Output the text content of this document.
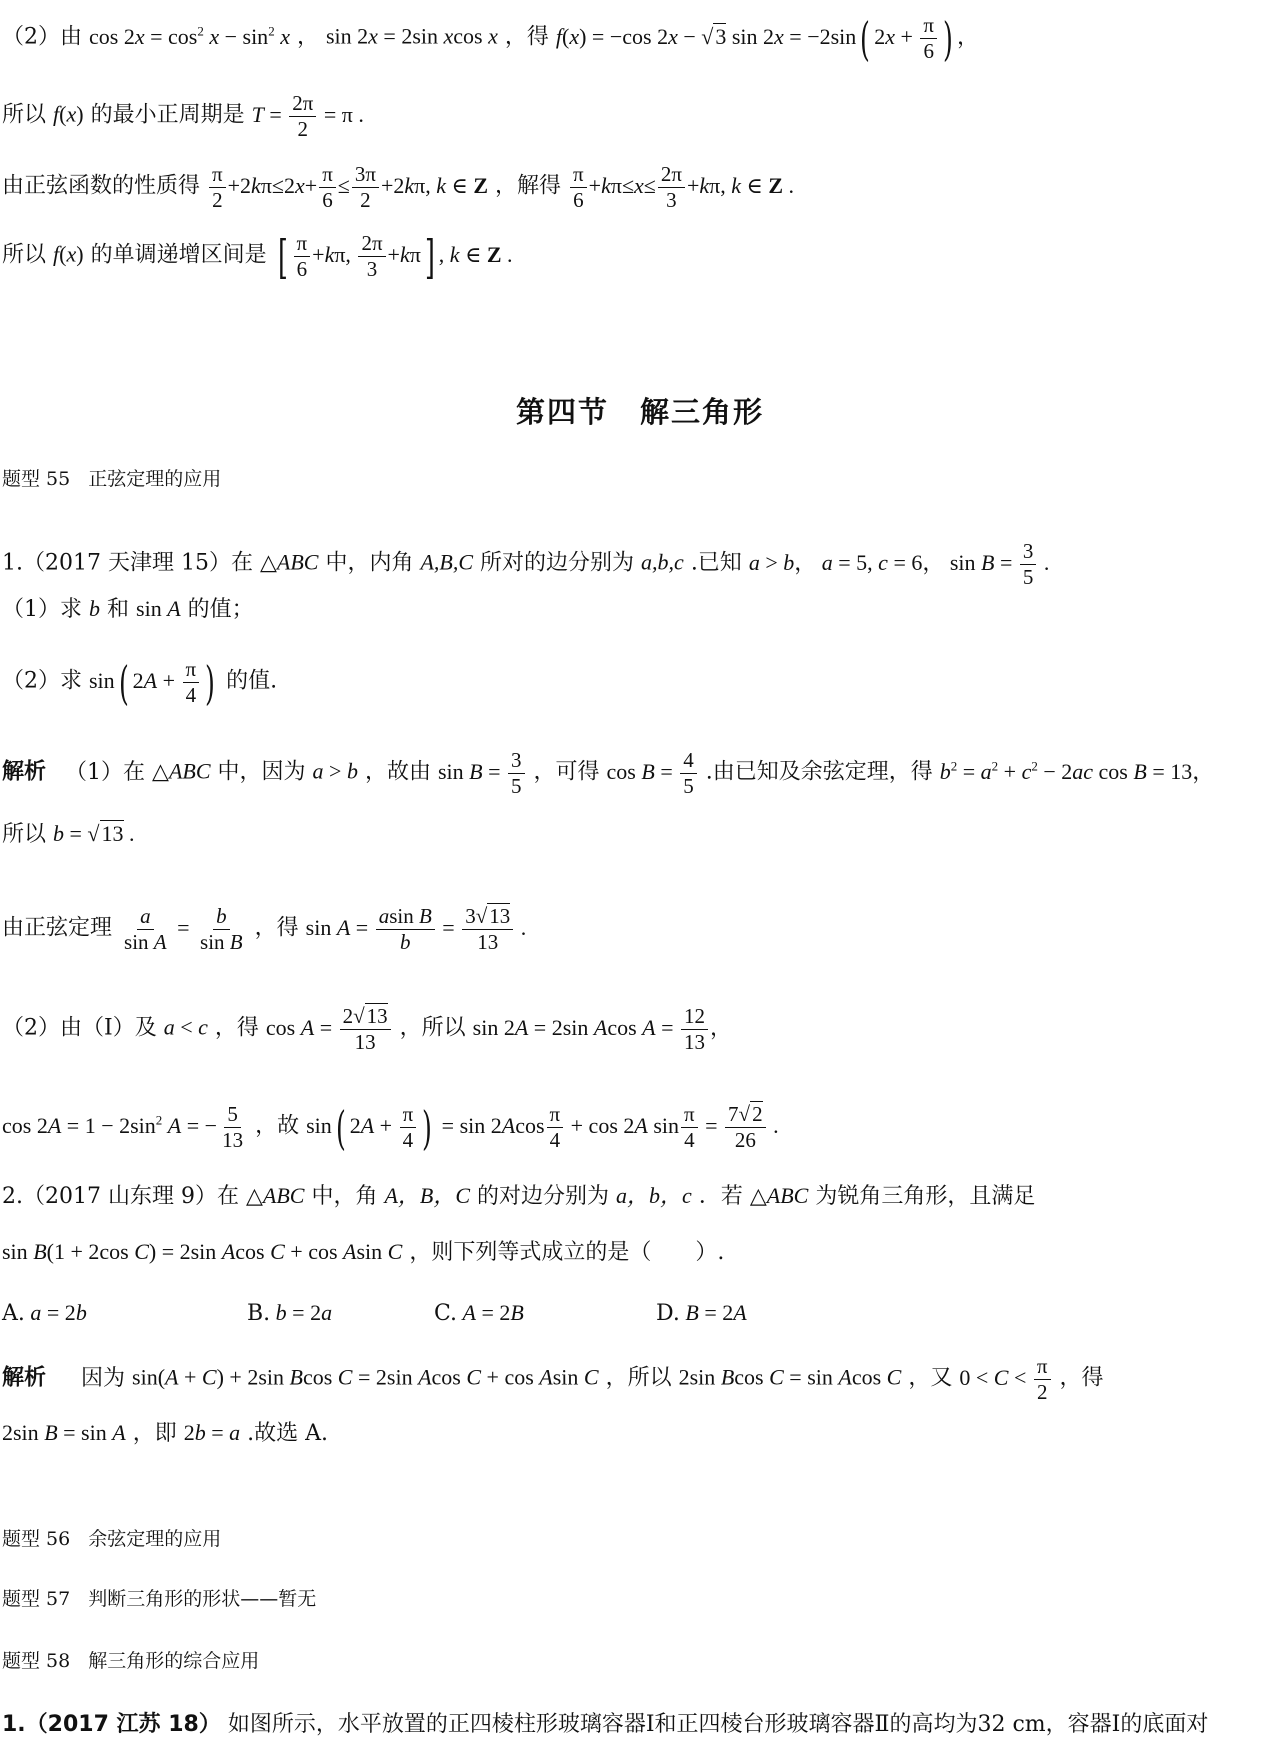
（2）由 $\cos 2x = \cos^2 x - \sin^2 x$ ， sin 2x = 2sin xcos x ，得 f(x) = −cos 2x − √3 sin 2x = −2sin( $2x + \frac{\pi}{6}$ ) ，
所以 f(x) 的最小正周期是 $T = \frac{2\pi}{2} = \pi$ .
由正弦函数的性质得 $\frac{\pi}{2} +2k\pi\le 2x+ \frac{\pi}{6} \le \frac{3\pi}{2} +2k\pi$, k ∈ Z ，解得 $\frac{\pi}{6} +k\pi\le x\le \frac{2\pi}{3} +k\pi$, k ∈ Z .
所以 f(x) 的单调递增区间是 [ $\frac{\pi}{6} +k\pi$, $\frac{2\pi}{3} +k\pi$] , k ∈ Z .
第四节　解三角形
题型 55 正弦定理的应用
1.（2017 天津理 15）在 △ABC 中，内角 A,B,C 所对的边分别为 a,b,c .已知 a > b， a = 5, c = 6， $\sin B = \frac{3}{5}$ .
（1）求 b 和 sin A 的值；
（2）求 sin( $2A + \frac{\pi}{4}$ ) 的值.
解析 （1）在 △ABC 中，因为 a > b ，故由 $\sin B = \frac{3}{5}$ ，可得 $\cos B = \frac{4}{5}$ .由已知及余弦定理，得 $b^2 = a^2 + c^2 - 2ac$ cos B = 13，
所以 b = √13 .
由正弦定理 $\frac{a}{\text{sin A}} = \frac{b}{\text{sin B}}$ ，得 $\sin A = \frac{\text{asin B}}{b} = \frac{3√13}{13}$ .
（2）由（Ⅰ）及 a < c ，得 $\cos A = \frac{2√13}{13}$ ，所以 sin 2A = 2sin Acos $A = \frac{12}{13}$ ，
$\cos 2A = 1 - 2\sin^2$ A = − $\frac{5}{13}$ ，故 sin( $2A + \frac{\pi}{4}$ ) = $\sin 2Acos \frac{\pi}{4} + \cos 2A$ $\sin \frac{\pi}{4} = \frac{7√2}{26}$ .
2.（2017 山东理 9）在 △ABC 中，角 A，B，C 的对边分别为 a，b，c ．若 △ABC 为锐角三角形，且满足
sin B(1 + 2cos C) = 2sin Acos C + cos Asin C ，则下列等式成立的是（　　）.
A. a = 2b	B. b = 2a	C. A = 2B	D. B = 2A
解析 因为 sin(A + C) + 2sin Bcos C = 2sin Acos C + cos Asin C ，所以 2sin Bcos C = sin Acos C ，又 $0 < C < \frac{\pi}{2}$ ，得
2sin B = sin A ，即 2b = a .故选 A.
题型 56 余弦定理的应用
题型 57 判断三角形的形状——暂无
题型 58 解三角形的综合应用
1.（2017 江苏 18） 如图所示，水平放置的正四棱柱形玻璃容器Ⅰ和正四棱台形玻璃容器Ⅱ的高均为32 cm，容器Ⅰ的底面对
